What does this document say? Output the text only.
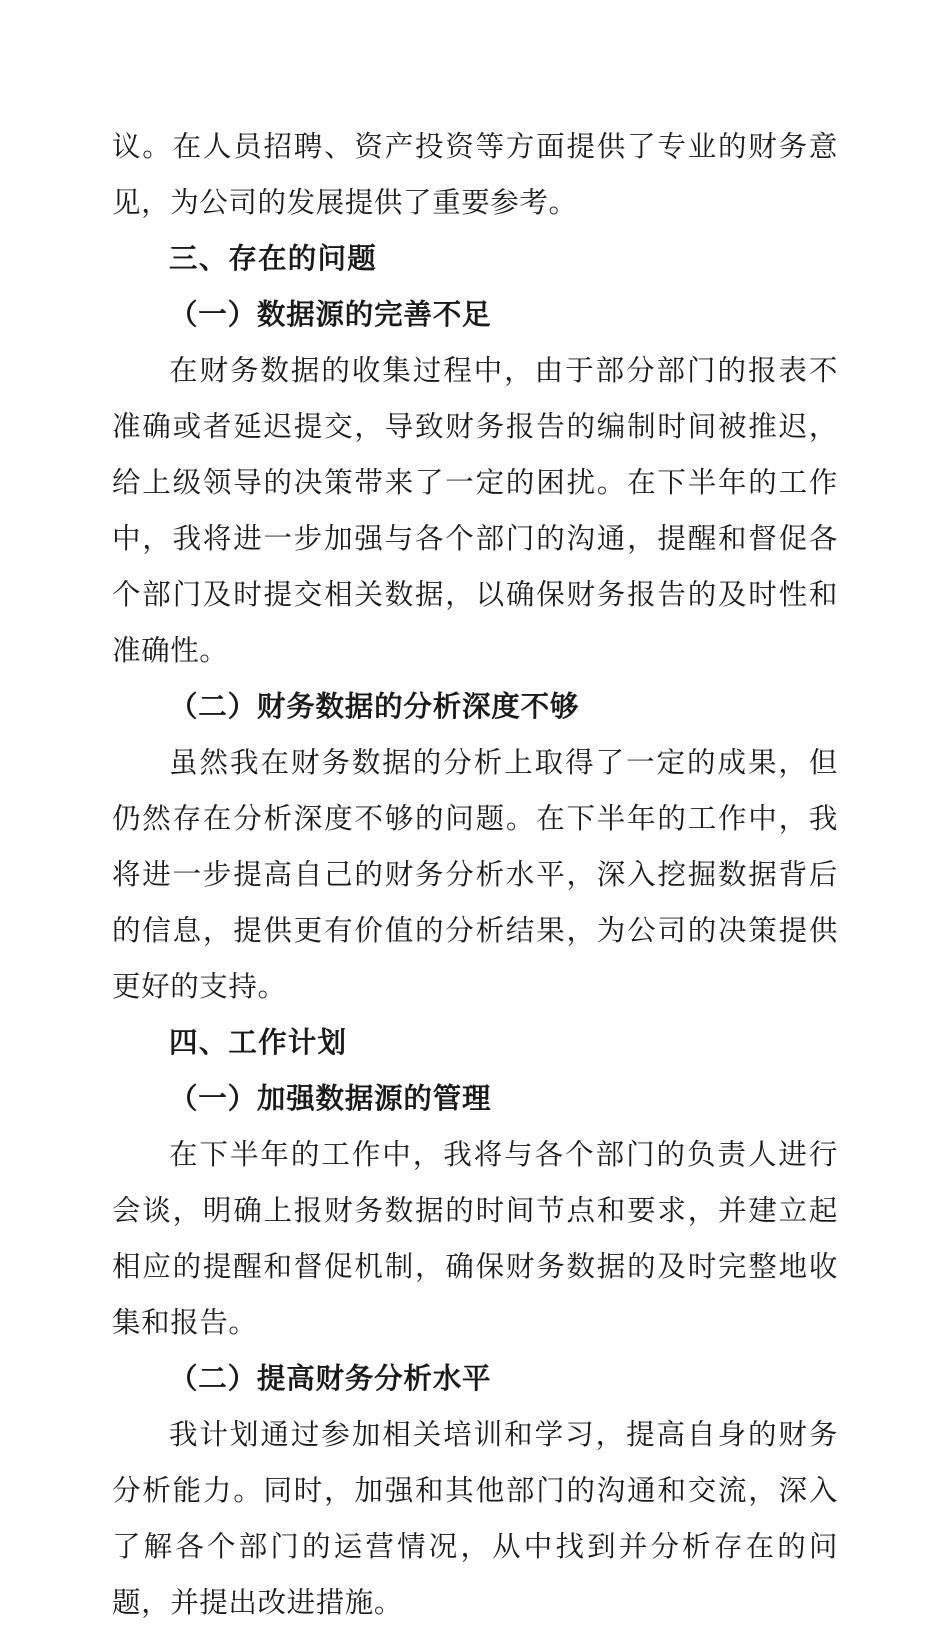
议。在人员招聘、资产投资等方面提供了专业的财务意见，为公司的发展提供了重要参考。

三、存在的问题

（一）数据源的完善不足

在财务数据的收集过程中，由于部分部门的报表不准确或者延迟提交，导致财务报告的编制时间被推迟，给上级领导的决策带来了一定的困扰。在下半年的工作中，我将进一步加强与各个部门的沟通，提醒和督促各个部门及时提交相关数据，以确保财务报告的及时性和准确性。

（二）财务数据的分析深度不够

虽然我在财务数据的分析上取得了一定的成果，但仍然存在分析深度不够的问题。在下半年的工作中，我将进一步提高自己的财务分析水平，深入挖掘数据背后的信息，提供更有价值的分析结果，为公司的决策提供更好的支持。

四、工作计划

（一）加强数据源的管理

在下半年的工作中，我将与各个部门的负责人进行会谈，明确上报财务数据的时间节点和要求，并建立起相应的提醒和督促机制，确保财务数据的及时完整地收集和报告。

（二）提高财务分析水平

我计划通过参加相关培训和学习，提高自身的财务分析能力。同时，加强和其他部门的沟通和交流，深入了解各个部门的运营情况，从中找到并分析存在的问题，并提出改进措施。
